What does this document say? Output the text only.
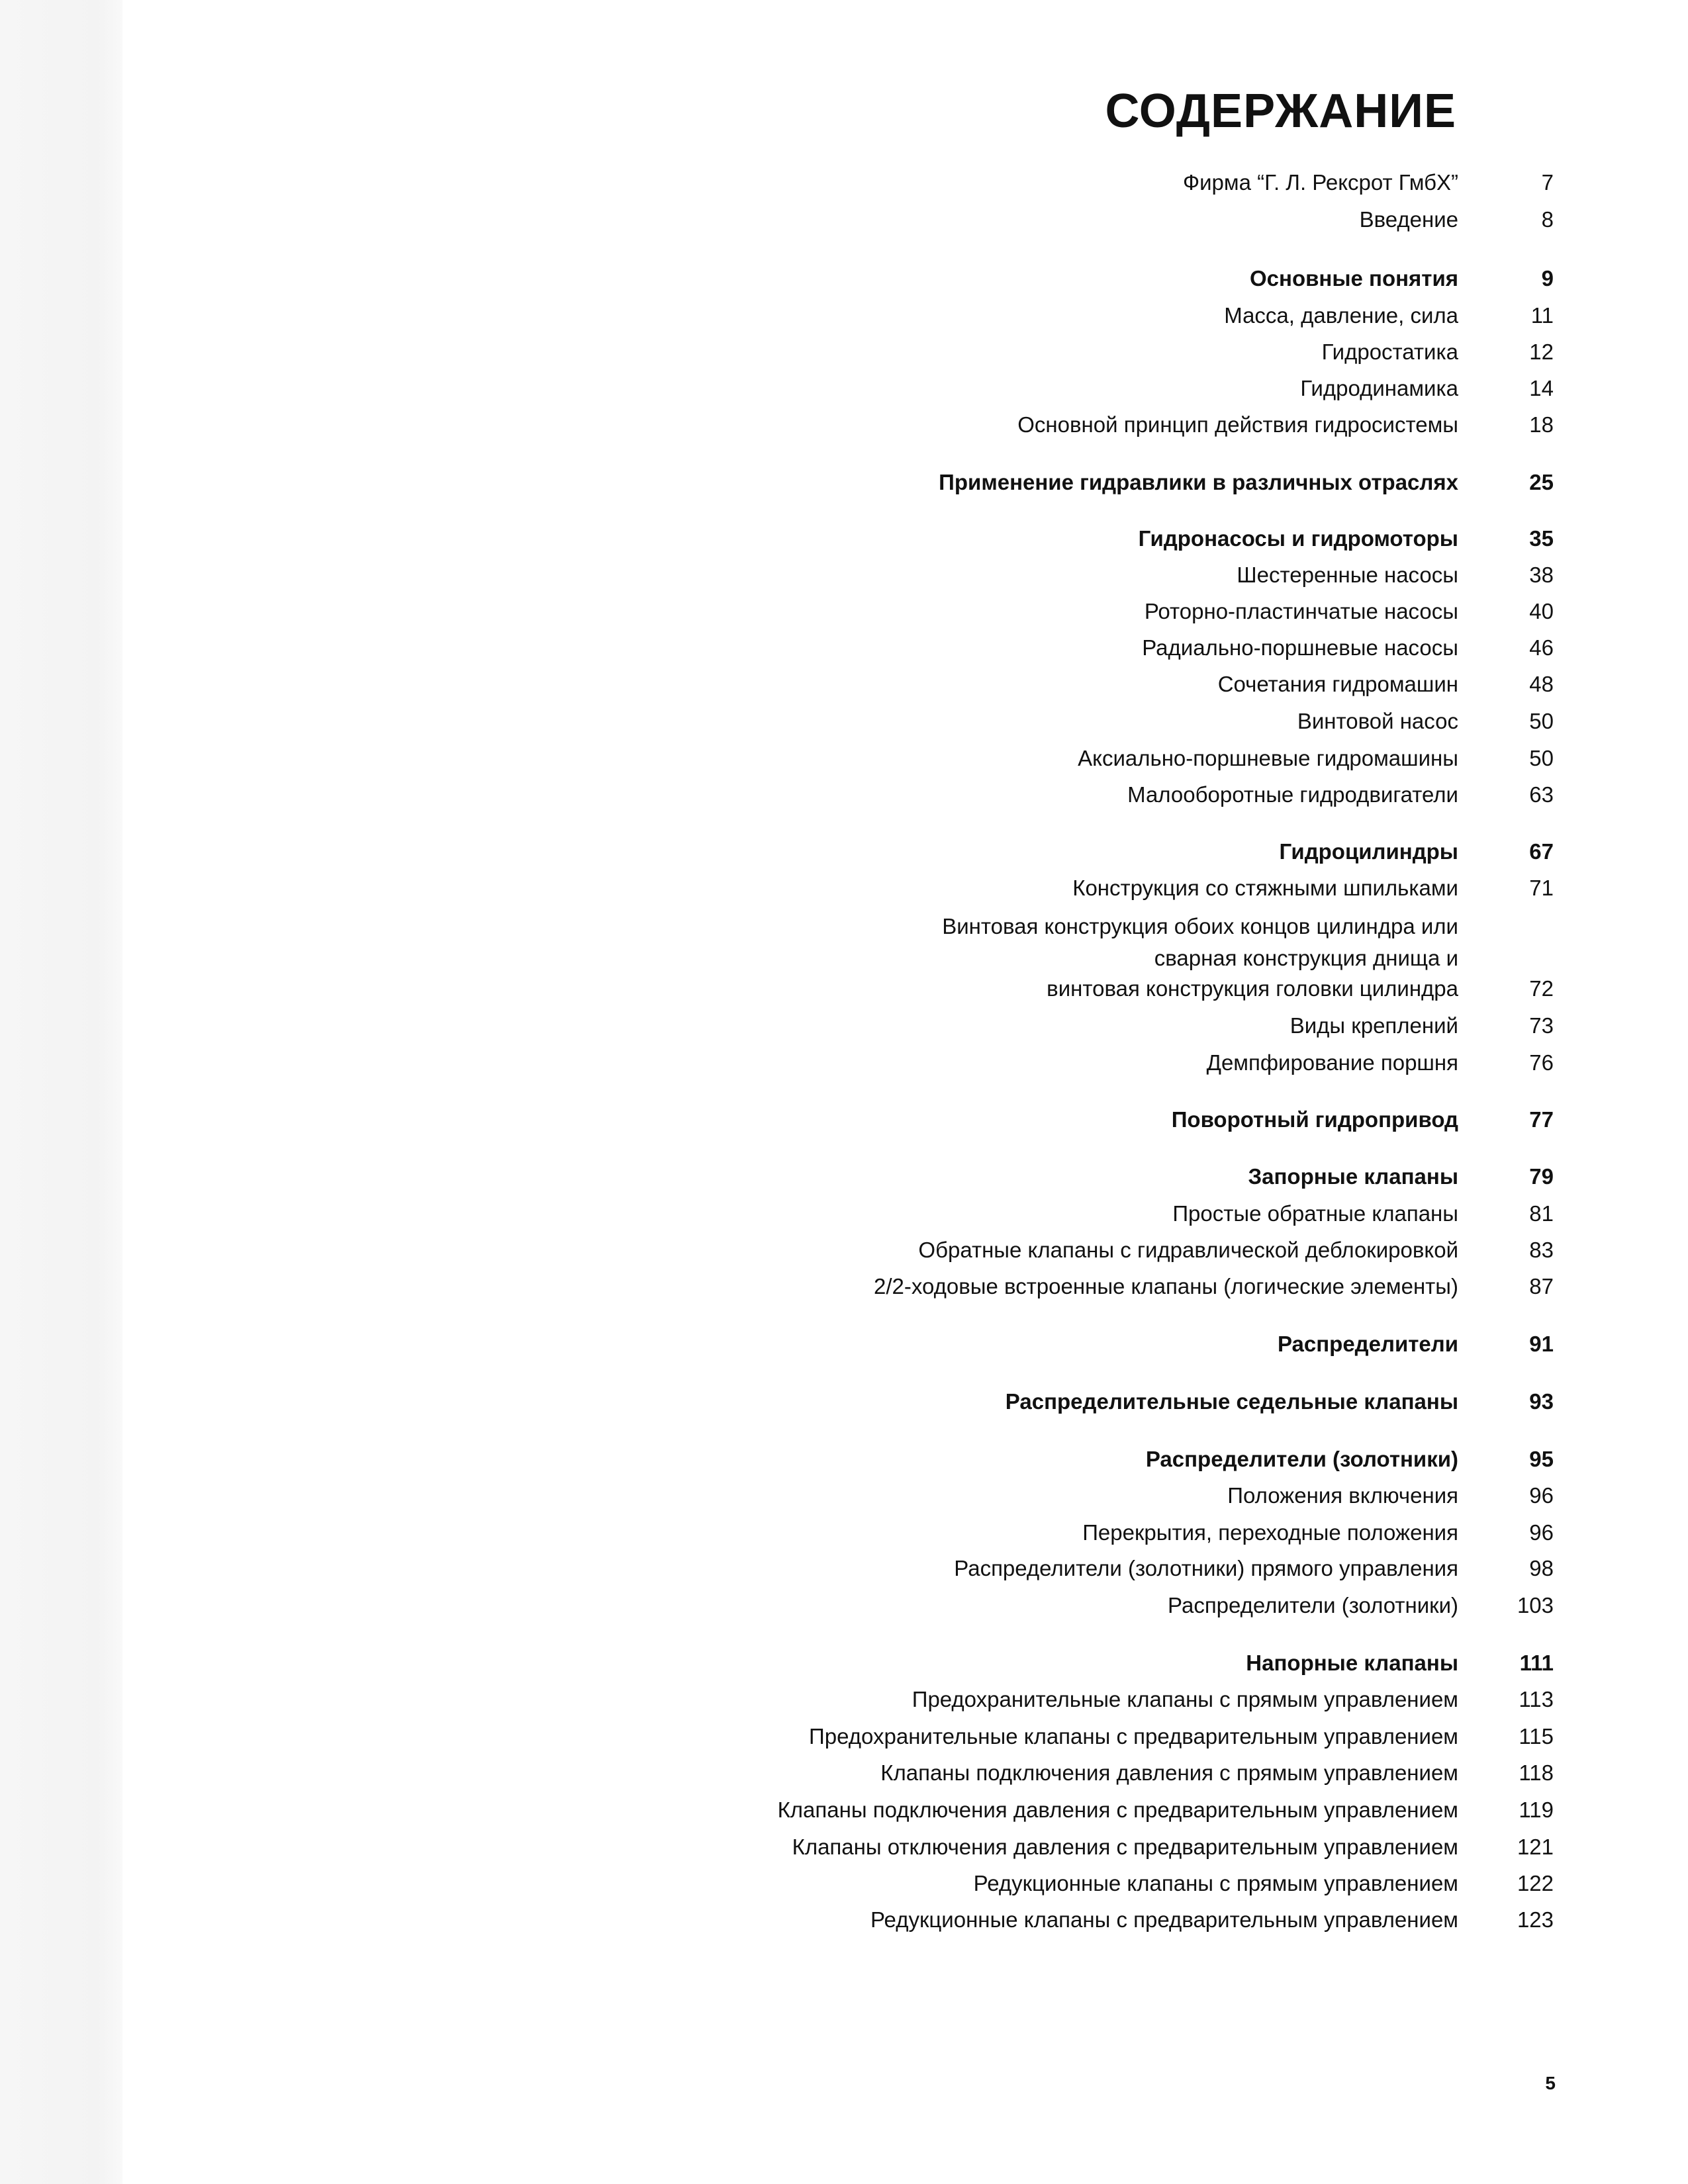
СОДЕРЖАНИЕ
Фирма “Г. Л. Рексрот ГмбХ”	7
Введение	8
Основные понятия	9
Масса, давление, сила	11
Гидростатика	12
Гидродинамика	14
Основной принцип действия гидросистемы	18
Применение гидравлики в различных отраслях	25
Гидронасосы и гидромоторы	35
Шестеренные насосы	38
Роторно-пластинчатые насосы	40
Радиально-поршневые насосы	46
Сочетания гидромашин	48
Винтовой насос	50
Аксиально-поршневые гидромашины	50
Малооборотные гидродвигатели	63
Гидроцилиндры	67
Конструкция со стяжными шпильками	71
Винтовая конструкция обоих концов цилиндра или
сварная конструкция днища и
винтовая конструкция головки цилиндра	72
Виды креплений	73
Демпфирование поршня	76
Поворотный гидропривод	77
Запорные клапаны	79
Простые обратные клапаны	81
Обратные клапаны с гидравлической деблокировкой	83
2/2-ходовые встроенные клапаны (логические элементы)	87
Распределители	91
Распределительные седельные клапаны	93
Распределители (золотники)	95
Положения включения	96
Перекрытия, переходные положения	96
Распределители (золотники) прямого управления	98
Распределители (золотники)	103
Напорные клапаны	111
Предохранительные клапаны с прямым управлением	113
Предохранительные клапаны с предварительным управлением	115
Клапаны подключения давления с прямым управлением	118
Клапаны подключения давления с предварительным управлением	119
Клапаны отключения давления с предварительным управлением	121
Редукционные клапаны с прямым управлением	122
Редукционные клапаны с предварительным управлением	123
5
